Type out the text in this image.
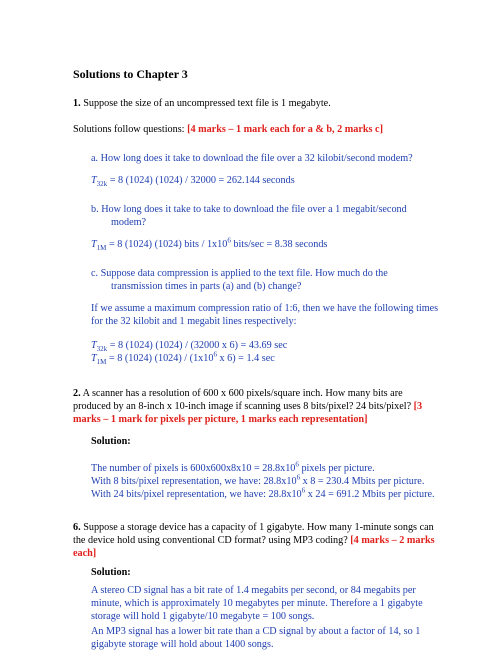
Solutions to Chapter 3
1. Suppose the size of an uncompressed text file is 1 megabyte.
Solutions follow questions: [4 marks – 1 mark each for a & b, 2 marks c]
a. How long does it take to download the file over a 32 kilobit/second modem?
$T_{32k} = 8$ (1024) (1024) / 32000 = 262.144 seconds
b. How long does it take to take to download the file over a 1 megabit/second
modem?
$T_{1M} = 8$ (1024) (1024) bits / $1x10^6$ bits/sec = 8.38 seconds
c. Suppose data compression is applied to the text file. How much do the
transmission times in parts (a) and (b) change?
If we assume a maximum compression ratio of 1:6, then we have the following times
for the 32 kilobit and 1 megabit lines respectively:
$T_{32k} = 8$ (1024) (1024) / (32000 x 6) = 43.69 sec
$T_{1M} = 8$ (1024) $(1024) / (1x10^6$ x 6) = 1.4 sec
2. A scanner has a resolution of 600 x 600 pixels/square inch. How many bits are
produced by an 8-inch x 10-inch image if scanning uses 8 bits/pixel? 24 bits/pixel? [3
marks – 1 mark for pixels per picture, 1 marks each representation]
Solution:
The number of pixels is $600x600x8x10 = 28.8x10^6$ pixels per picture.
With 8 bits/pixel representation, we have: $28.8x10^6$ x 8 = 230.4 Mbits per picture.
With 24 bits/pixel representation, we have: $28.8x10^6$ x 24 = 691.2 Mbits per picture.
6. Suppose a storage device has a capacity of 1 gigabyte. How many 1-minute songs can
the device hold using conventional CD format? using MP3 coding? [4 marks – 2 marks
each]
Solution:
A stereo CD signal has a bit rate of 1.4 megabits per second, or 84 megabits per
minute, which is approximately 10 megabytes per minute. Therefore a 1 gigabyte
storage will hold 1 gigabyte/10 megabyte = 100 songs.
An MP3 signal has a lower bit rate than a CD signal by about a factor of 14, so 1
gigabyte storage will hold about 1400 songs.
